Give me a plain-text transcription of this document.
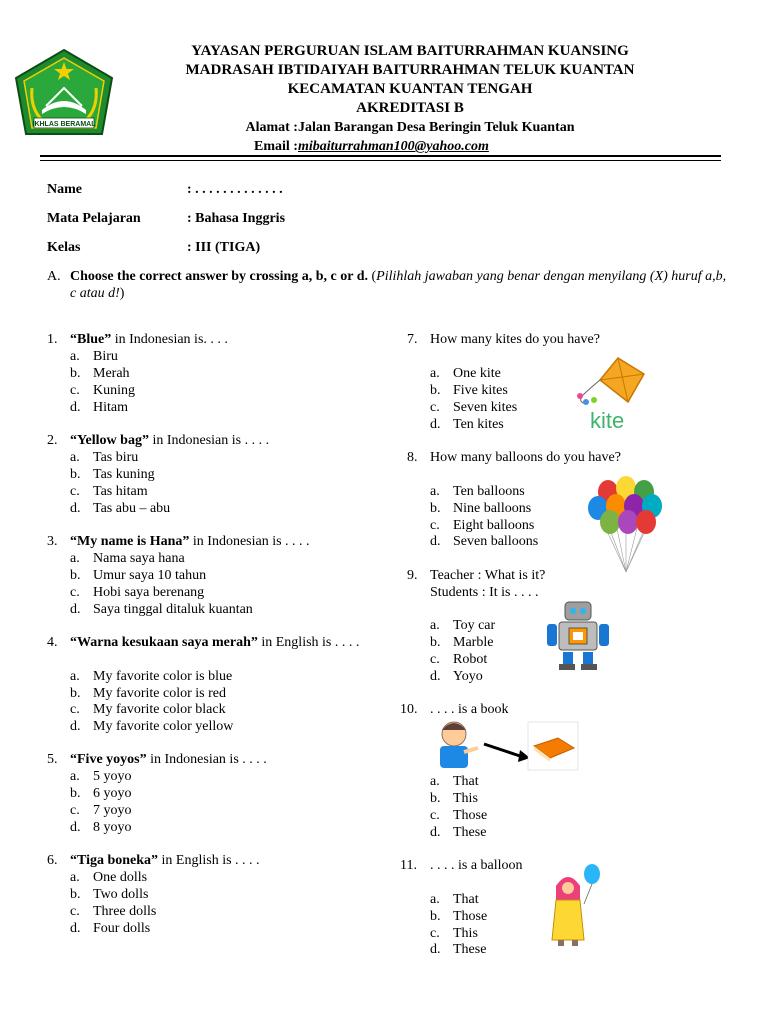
IKHLAS BERAMAL
YAYASAN PERGURUAN ISLAM BAITURRAHMAN KUANSING
MADRASAH IBTIDAIYAH BAITURRAHMAN TELUK KUANTAN
KECAMATAN KUANTAN TENGAH
AKREDITASI B
Alamat :Jalan Barangan Desa Beringin Teluk Kuantan
Email :mibaiturrahman100@yahoo.com
Name	: . . . . . . . . . . . . .
Mata Pelajaran	: Bahasa Inggris
Kelas	: III (TIGA)
A. Choose the correct answer by crossing a, b, c or d. (Pilihlah jawaban yang benar dengan menyilang (X) huruf a,b, c atau d!)
1. “Blue” in Indonesian is. . . .
a. Biru
b. Merah
c. Kuning
d. Hitam
2. “Yellow bag” in Indonesian is . . . .
a. Tas biru
b. Tas kuning
c. Tas hitam
d. Tas abu – abu
3. “My name is Hana” in Indonesian is . . . .
a. Nama saya hana
b. Umur saya 10 tahun
c. Hobi saya berenang
d. Saya tinggal ditaluk kuantan
4. “Warna kesukaan saya merah” in English is . . . .
a. My favorite color is blue
b. My favorite color is red
c. My favorite color black
d. My favorite color yellow
5. “Five yoyos” in Indonesian is . . . .
a. 5 yoyo
b. 6 yoyo
c. 7 yoyo
d. 8 yoyo
6. “Tiga boneka” in English is . . . .
a. One dolls
b. Two dolls
c. Three dolls
d. Four dolls
7. How many kites do you have?
a. One kite
b. Five kites
c. Seven kites
d. Ten kites
8. How many balloons do you have?
a. Ten balloons
b. Nine balloons
c. Eight balloons
d. Seven balloons
9. Teacher : What is it?
Students : It is . . . .
a. Toy car
b. Marble
c. Robot
d. Yoyo
10. . . . . is a book
a. That
b. This
c. Those
d. These
11. . . . . is a balloon
a. That
b. Those
c. This
d. These
kite
